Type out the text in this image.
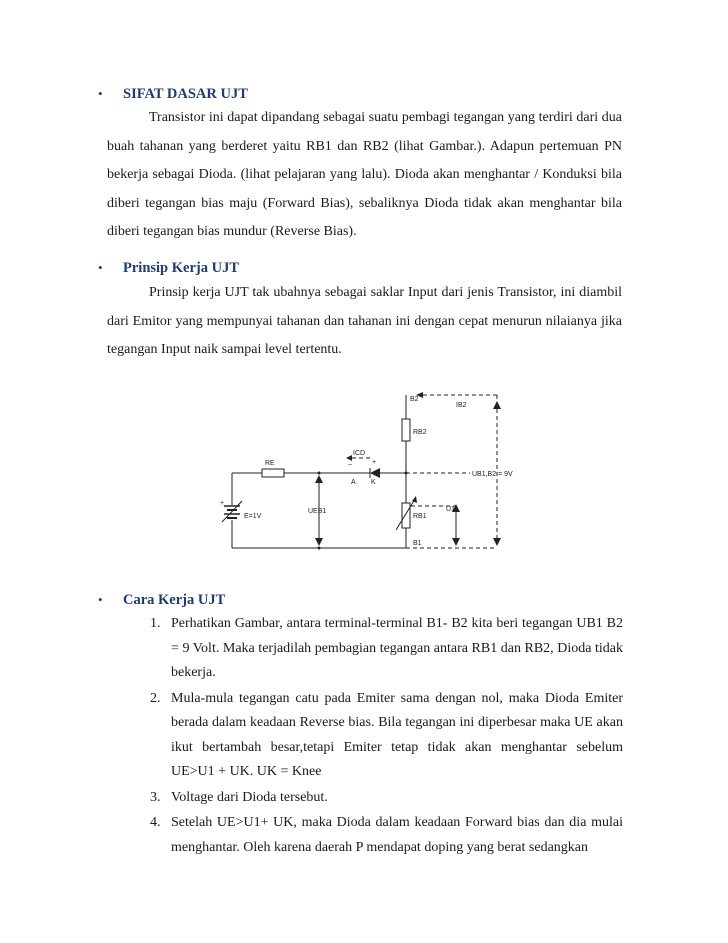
• SIFAT DASAR UJT

Transistor ini dapat dipandang sebagai suatu pembagi tegangan yang terdiri dari dua buah tahanan yang berderet yaitu RB1 dan RB2 (lihat Gambar.). Adapun pertemuan PN bekerja sebagai Dioda. (lihat pelajaran yang lalu). Dioda akan menghantar / Konduksi bila diberi tegangan bias maju (Forward Bias), sebaliknya Dioda tidak akan menghantar bila diberi tegangan bias mundur (Reverse Bias).

• Prinsip Kerja UJT

Prinsip kerja UJT tak ubahnya sebagai saklar Input dari jenis Transistor, ini diambil dari Emitor yang mempunyai tahanan dan tahanan ini dengan cepat menurun nilaianya jika tegangan Input naik sampai level tertentu.

B2
IB2
RB2
ICD
+
−
A K
RE
UEB1
RB1
U1
UB1,B2 = 9V
E=1V
+
B1
• Cara Kerja UJT
1. Perhatikan Gambar, antara terminal-terminal B1- B2 kita beri tegangan UB1 B2 = 9 Volt. Maka terjadilah pembagian tegangan antara RB1 dan RB2, Dioda tidak bekerja.
2. Mula-mula tegangan catu pada Emiter sama dengan nol, maka Dioda Emiter berada dalam keadaan Reverse bias. Bila tegangan ini diperbesar maka UE akan ikut bertambah besar,tetapi Emiter tetap tidak akan menghantar sebelum UE>U1 + UK. UK = Knee
3. Voltage dari Dioda tersebut.
4. Setelah UE>U1+ UK, maka Dioda dalam keadaan Forward bias dan dia mulai menghantar. Oleh karena daerah P mendapat doping yang berat sedangkan
